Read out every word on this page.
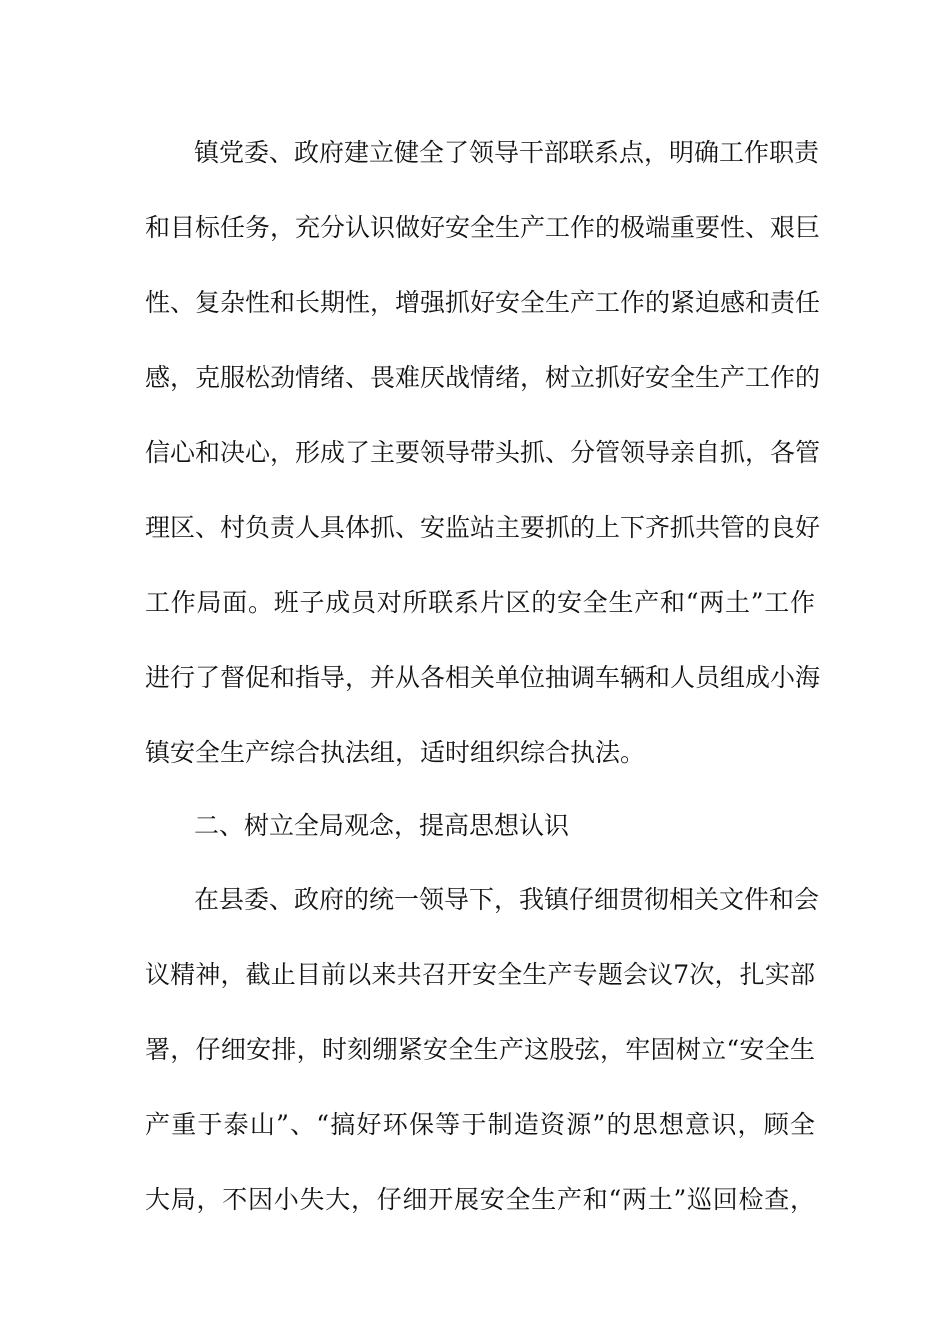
镇党委、政府建立健全了领导干部联系点，明确工作职责
和目标任务，充分认识做好安全生产工作的极端重要性、艰巨
性、复杂性和长期性，增强抓好安全生产工作的紧迫感和责任
感，克服松劲情绪、畏难厌战情绪，树立抓好安全生产工作的
信心和决心，形成了主要领导带头抓、分管领导亲自抓，各管
理区、村负责人具体抓、安监站主要抓的上下齐抓共管的良好
工作局面。班子成员对所联系片区的安全生产和“两土”工作
进行了督促和指导，并从各相关单位抽调车辆和人员组成小海
镇安全生产综合执法组，适时组织综合执法。
二、树立全局观念，提高思想认识
在县委、政府的统一领导下，我镇仔细贯彻相关文件和会
议精神，截止目前以来共召开安全生产专题会议7次，扎实部
署，仔细安排，时刻绷紧安全生产这股弦，牢固树立“安全生
产重于泰山”、“搞好环保等于制造资源”的思想意识，顾全
大局，不因小失大，仔细开展安全生产和“两土”巡回检查，
